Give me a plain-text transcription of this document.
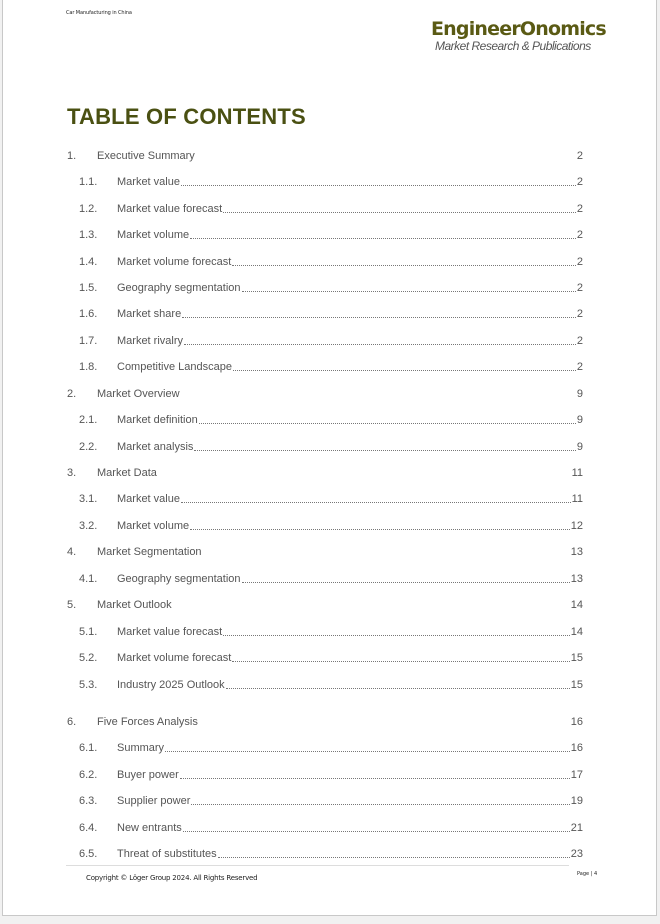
Car Manufacturing in China
EngineerOnomics
Market Research & Publications
TABLE OF CONTENTS
1.	Executive Summary	2
1.1.	Market value	2
1.2.	Market value forecast	2
1.3.	Market volume	2
1.4.	Market volume forecast	2
1.5.	Geography segmentation	2
1.6.	Market share	2
1.7.	Market rivalry	2
1.8.	Competitive Landscape	2
2.	Market Overview	9
2.1.	Market definition	9
2.2.	Market analysis	9
3.	Market Data	11
3.1.	Market value	11
3.2.	Market volume	12
4.	Market Segmentation	13
4.1.	Geography segmentation	13
5.	Market Outlook	14
5.1.	Market value forecast	14
5.2.	Market volume forecast	15
5.3.	Industry 2025 Outlook	15
6.	Five Forces Analysis	16
6.1.	Summary	16
6.2.	Buyer power	17
6.3.	Supplier power	19
6.4.	New entrants	21
6.5.	Threat of substitutes	23
Copyright © Löger Group 2024. All Rights Reserved	Page | 4
